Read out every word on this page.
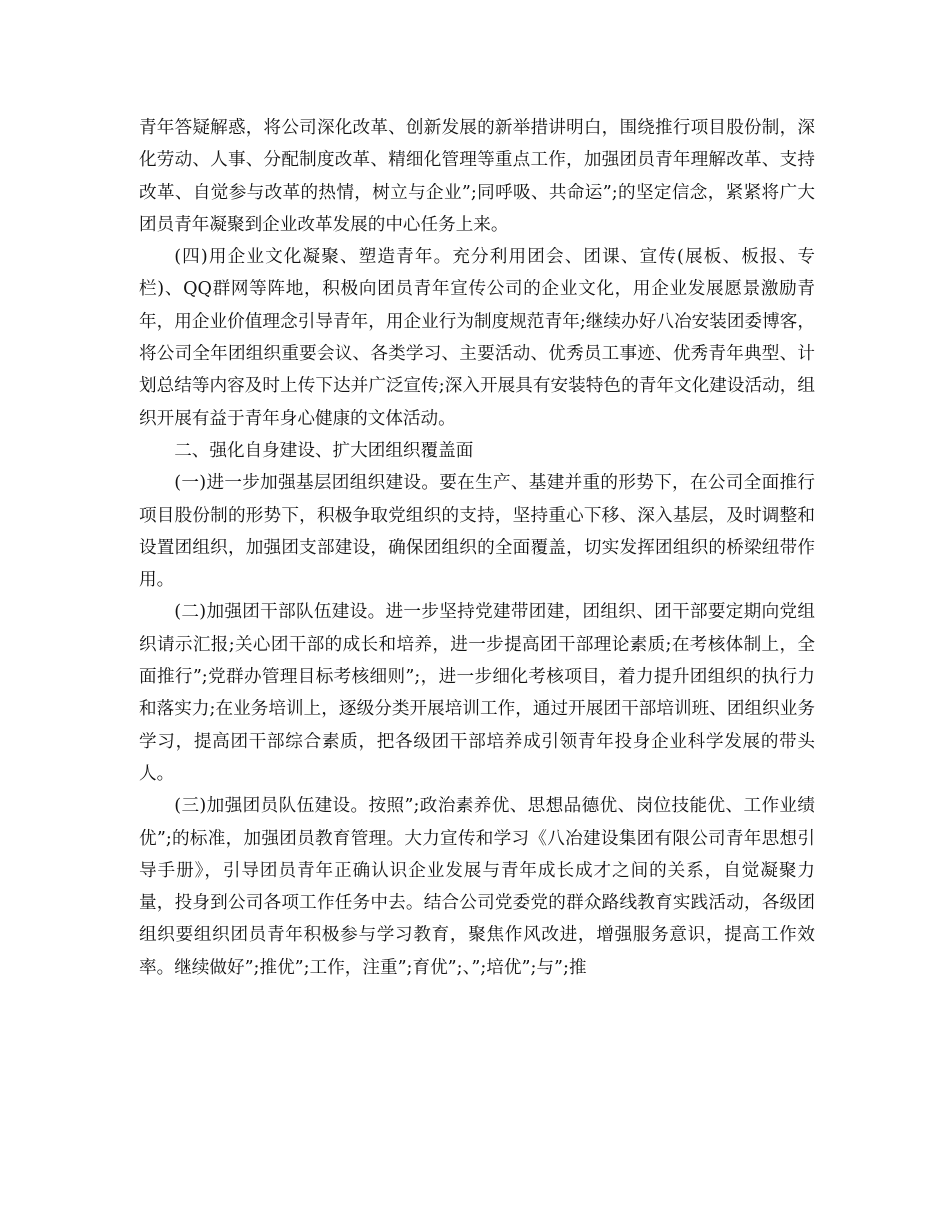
青年答疑解惑，将公司深化改革、创新发展的新举措讲明白，围绕推行项目股份制，深化劳动、人事、分配制度改革、精细化管理等重点工作，加强团员青年理解改革、支持改革、自觉参与改革的热情，树立与企业”;同呼吸、共命运”;的坚定信念，紧紧将广大团员青年凝聚到企业改革发展的中心任务上来。

(四)用企业文化凝聚、塑造青年。充分利用团会、团课、宣传(展板、板报、专栏)、QQ群网等阵地，积极向团员青年宣传公司的企业文化，用企业发展愿景激励青年，用企业价值理念引导青年，用企业行为制度规范青年;继续办好八冶安装团委博客，将公司全年团组织重要会议、各类学习、主要活动、优秀员工事迹、优秀青年典型、计划总结等内容及时上传下达并广泛宣传;深入开展具有安装特色的青年文化建设活动，组织开展有益于青年身心健康的文体活动。

二、强化自身建设、扩大团组织覆盖面

(一)进一步加强基层团组织建设。要在生产、基建并重的形势下，在公司全面推行项目股份制的形势下，积极争取党组织的支持，坚持重心下移、深入基层，及时调整和设置团组织，加强团支部建设，确保团组织的全面覆盖，切实发挥团组织的桥梁纽带作用。

(二)加强团干部队伍建设。进一步坚持党建带团建，团组织、团干部要定期向党组织请示汇报;关心团干部的成长和培养，进一步提高团干部理论素质;在考核体制上，全面推行”;党群办管理目标考核细则”;，进一步细化考核项目，着力提升团组织的执行力和落实力;在业务培训上，逐级分类开展培训工作，通过开展团干部培训班、团组织业务学习，提高团干部综合素质，把各级团干部培养成引领青年投身企业科学发展的带头人。

(三)加强团员队伍建设。按照”;政治素养优、思想品德优、岗位技能优、工作业绩优”;的标准，加强团员教育管理。大力宣传和学习《八冶建设集团有限公司青年思想引导手册》，引导团员青年正确认识企业发展与青年成长成才之间的关系，自觉凝聚力量，投身到公司各项工作任务中去。结合公司党委党的群众路线教育实践活动，各级团组织要组织团员青年积极参与学习教育，聚焦作风改进，增强服务意识，提高工作效率。继续做好”;推优”;工作，注重”;育优”;、”;培优”;与”;推
